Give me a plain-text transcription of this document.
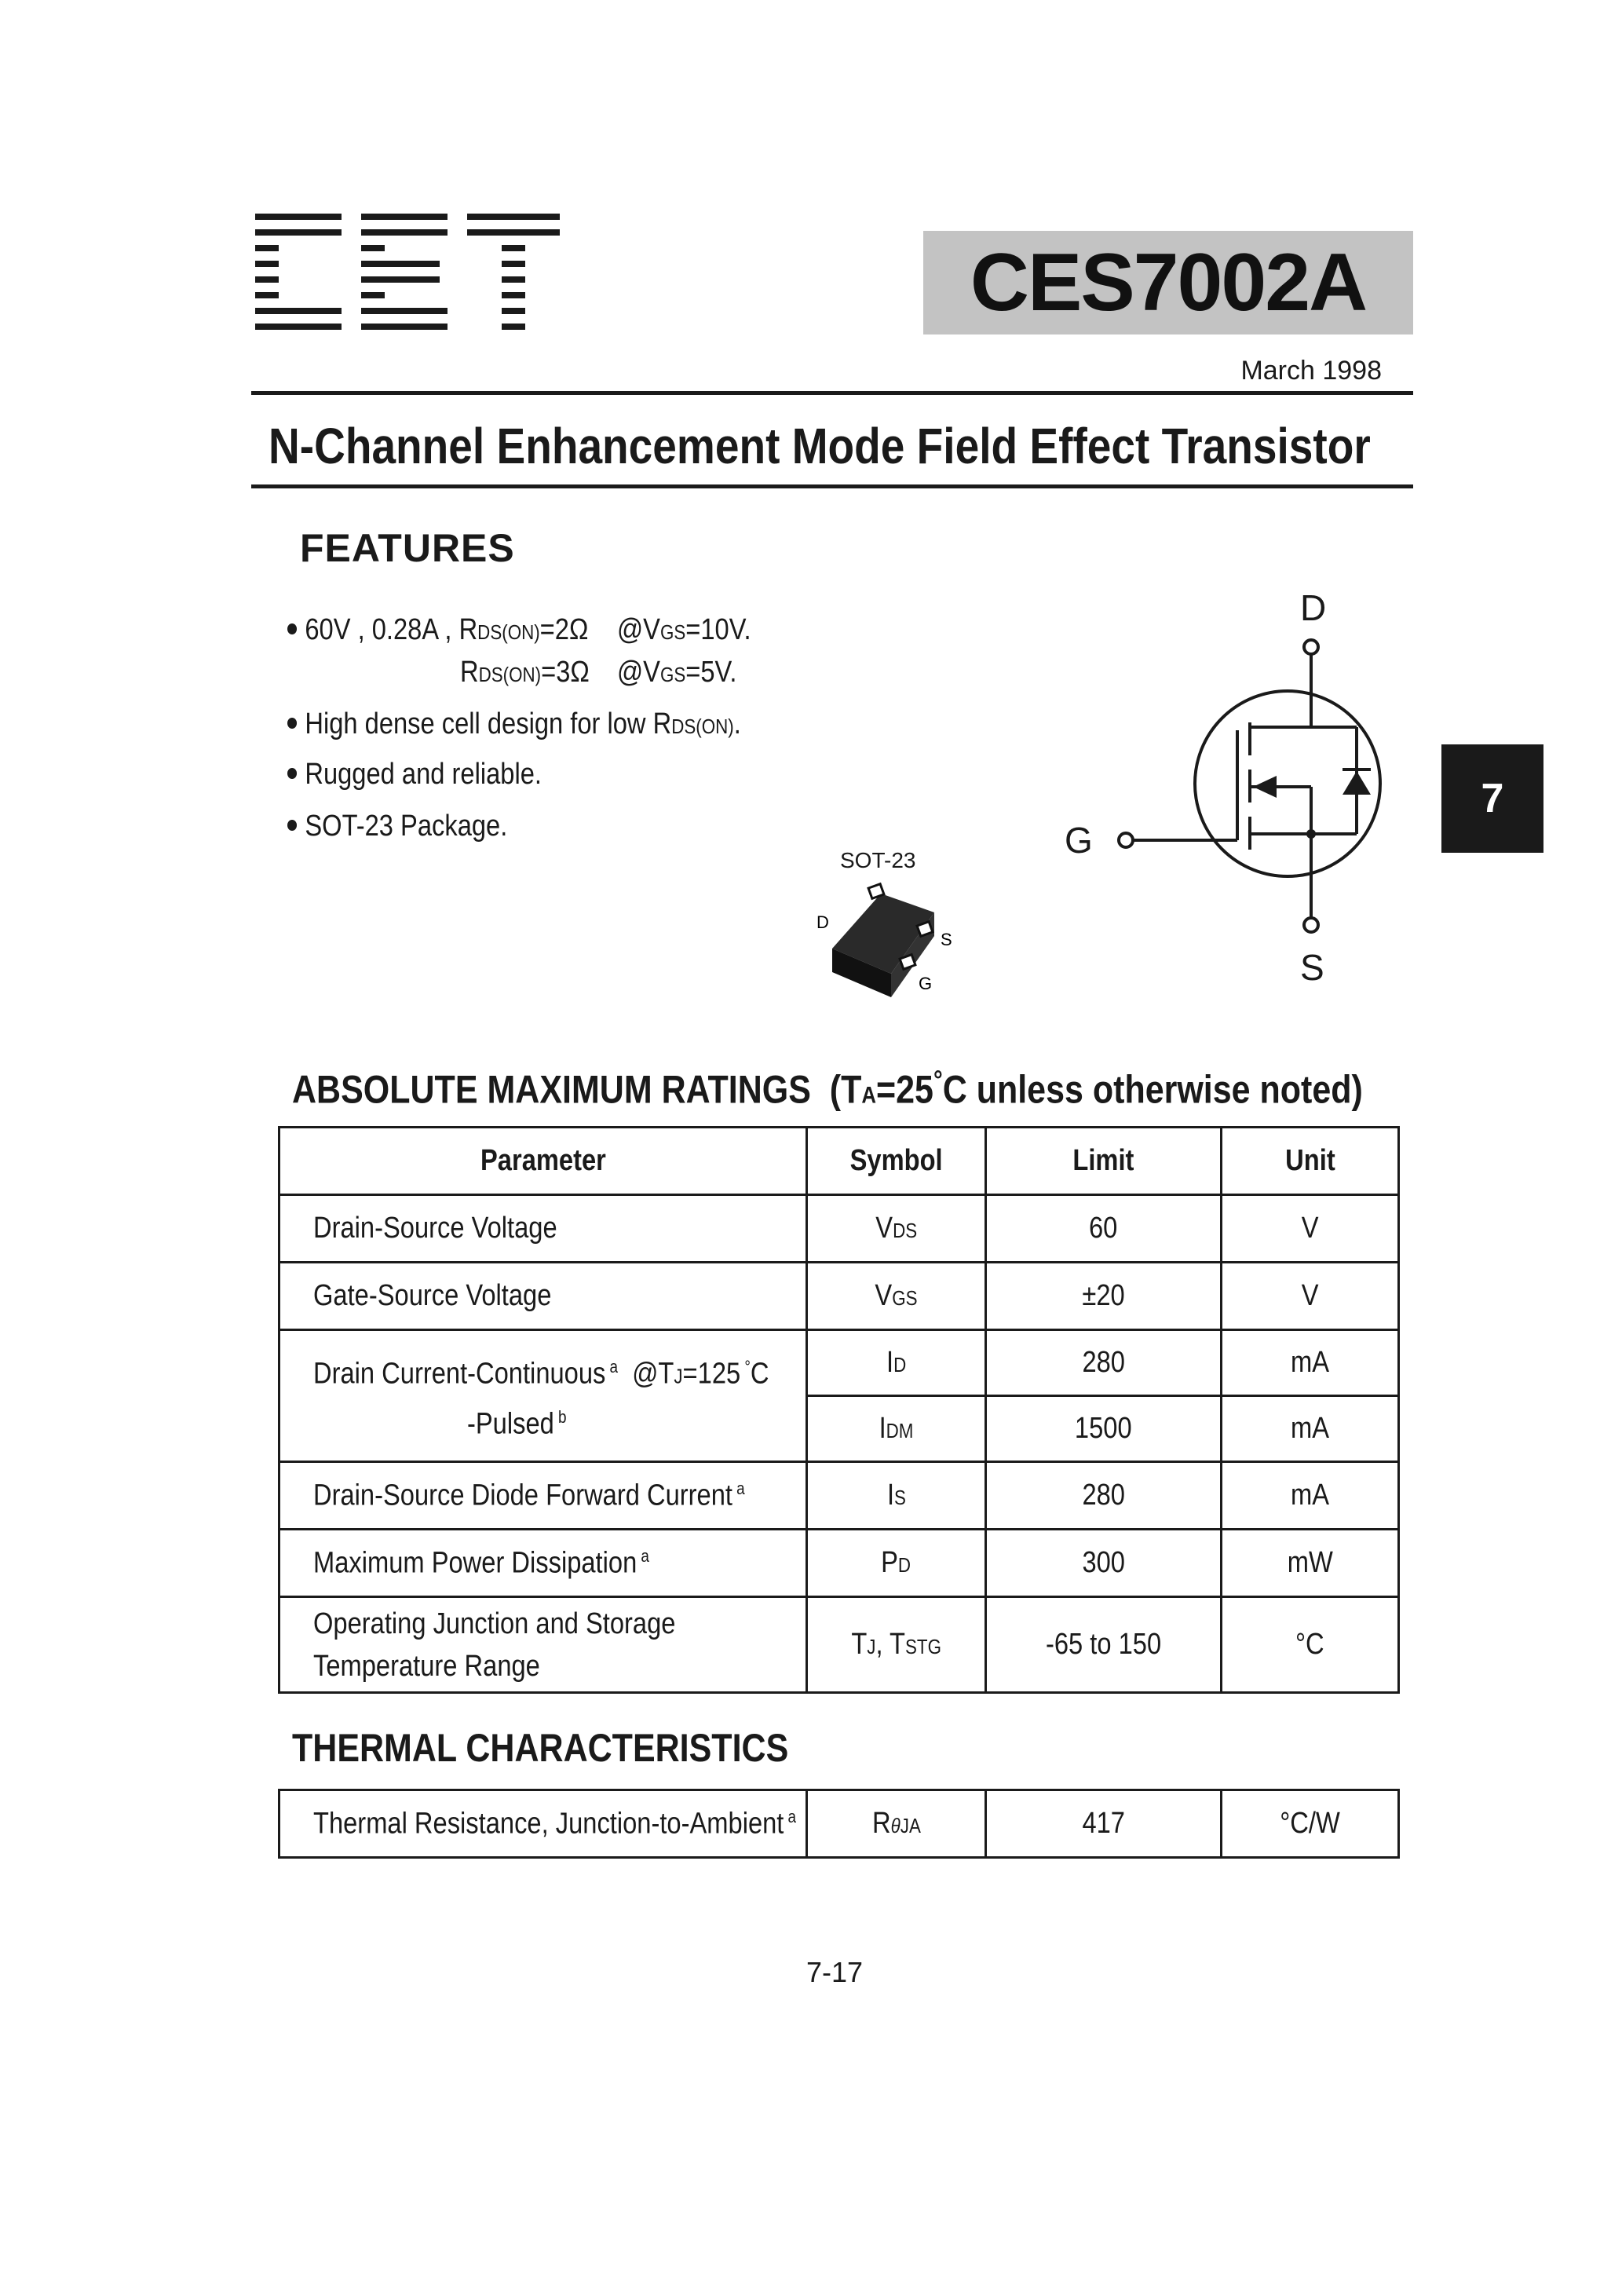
CES7002A
March 1998
N-Channel Enhancement Mode Field Effect Transistor
FEATURES
60V , 0.28A , RDS(ON)=2Ω @VGS=10V.
RDS(ON)=3Ω @VGS=5V.
High dense cell design for low RDS(ON).
Rugged and reliable.
SOT-23 Package.
SOT-23
D
S
G
D
G
S
7
ABSOLUTE MAXIMUM RATINGS (TA=25°C unless otherwise noted)
Parameter	Symbol	Limit	Unit
Drain-Source Voltage	VDS	60	V
Gate-Source Voltage	VGS	±20	V
Drain Current-Continuous $^a$ @TJ=125 °C
-Pulsed $^b$	ID	280	mA
	IDM	1500	mA
Drain-Source Diode Forward Current $^a$	IS	280	mA
Maximum Power Dissipation $^a$	PD	300	mW
Operating Junction and Storage
Temperature Range	TJ, TSTG	-65 to 150	°C
THERMAL CHARACTERISTICS
Thermal Resistance, Junction-to-Ambient $^a$	RθJA	417	°C/W
7-17
